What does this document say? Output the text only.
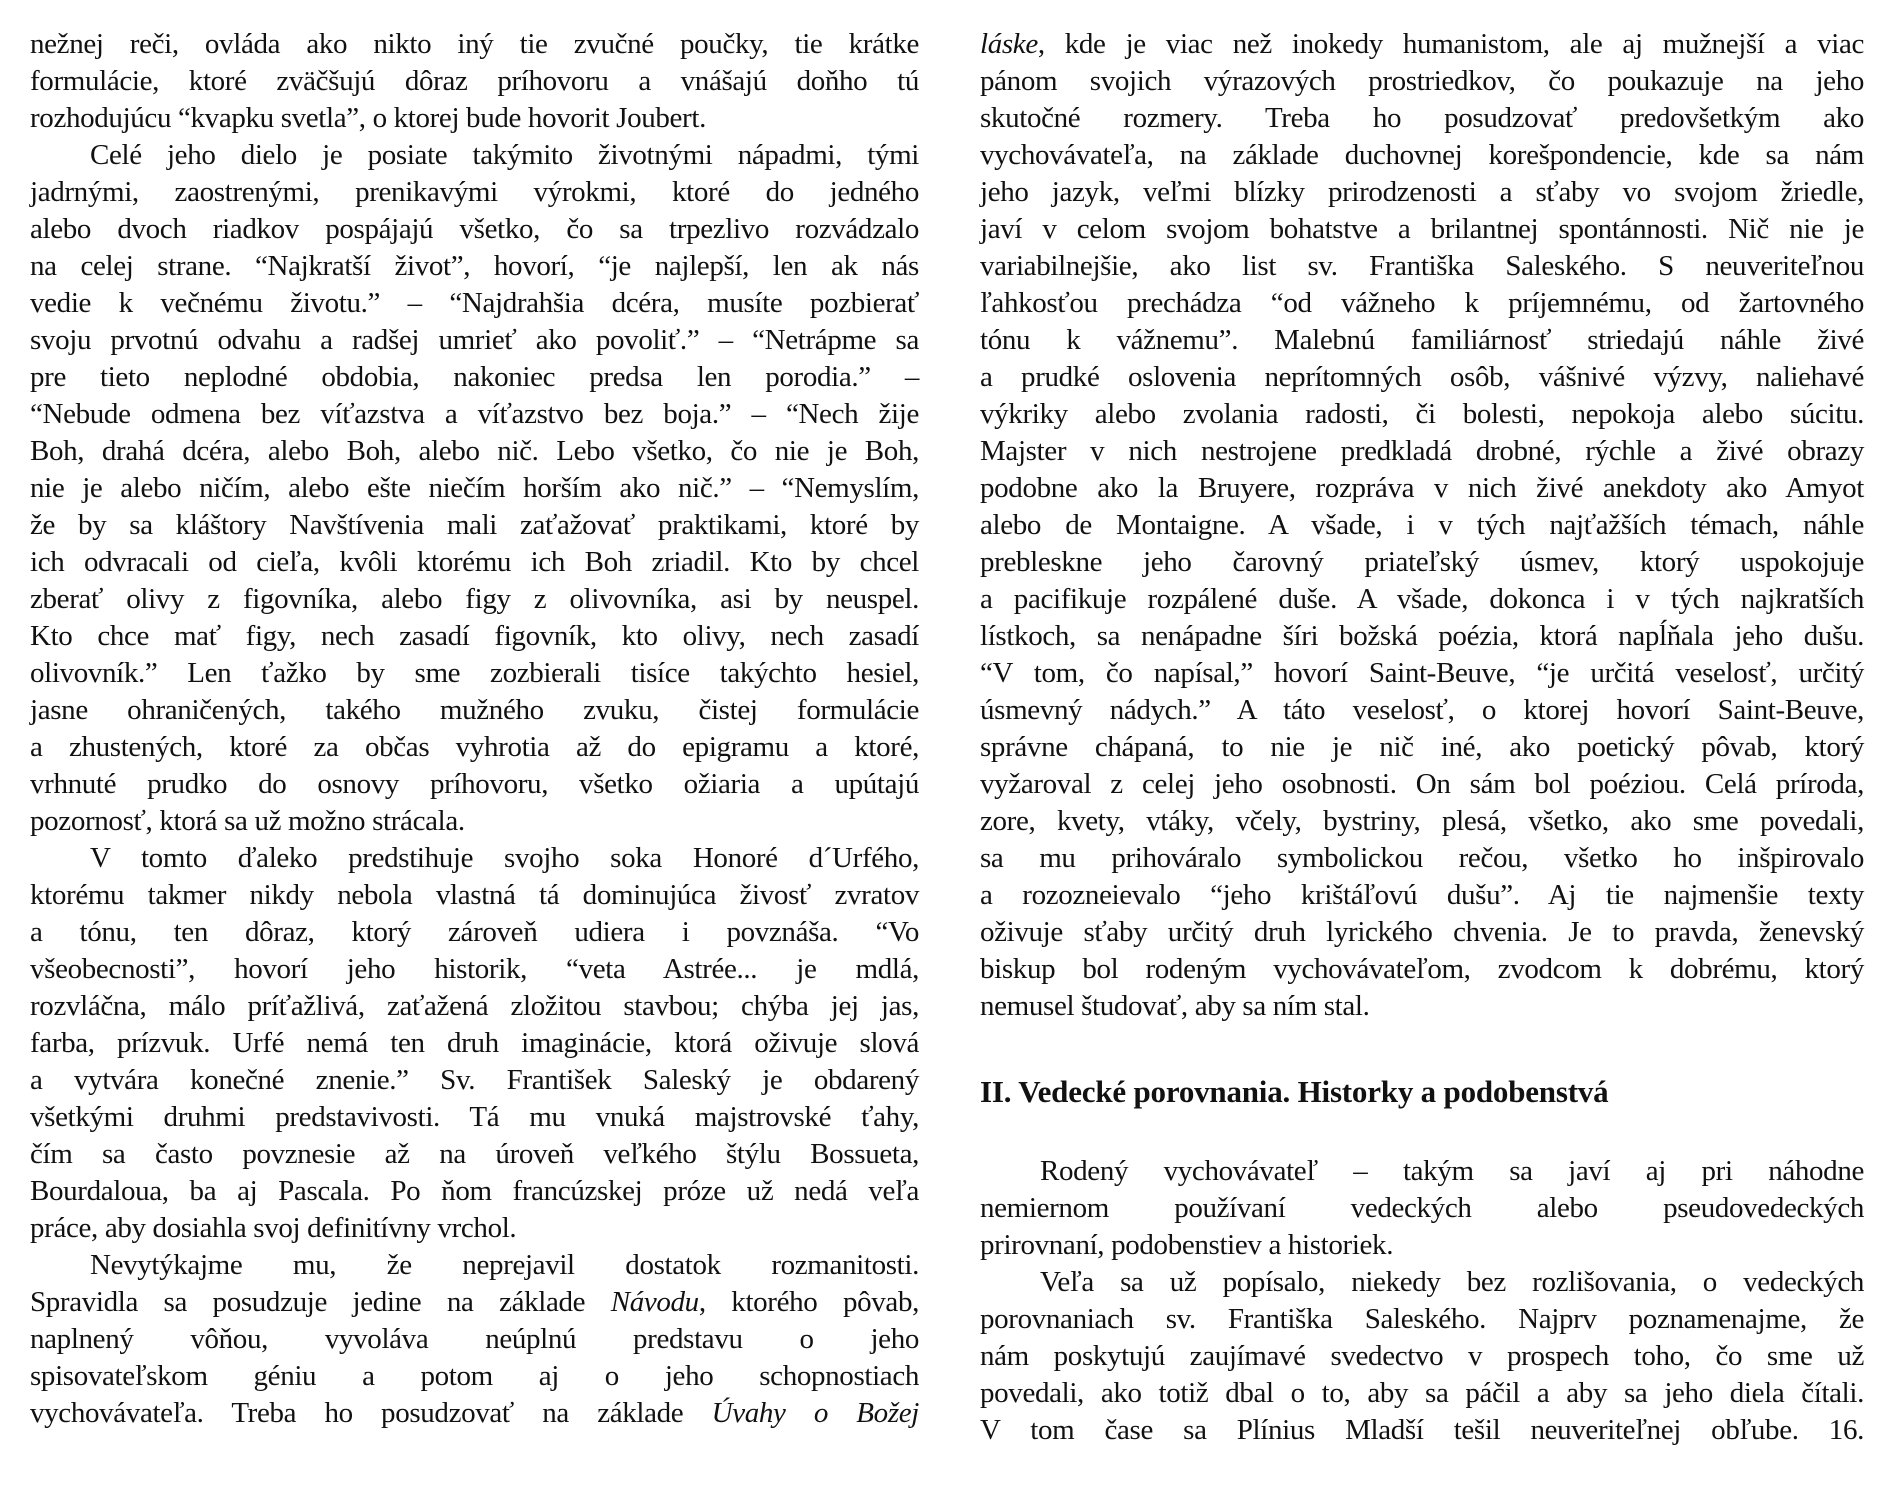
nežnej reči, ovláda ako nikto iný tie zvučné poučky, tie krátke
formulácie, ktoré zväčšujú dôraz príhovoru a vnášajú doňho tú
rozhodujúcu “kvapku svetla”, o ktorej bude hovorit Joubert.
Celé jeho dielo je posiate takýmito životnými nápadmi, tými
jadrnými, zaostrenými, prenikavými výrokmi, ktoré do jedného
alebo dvoch riadkov pospájajú všetko, čo sa trpezlivo rozvádzalo
na celej strane. “Najkratší život”, hovorí, “je najlepší, len ak nás
vedie k večnému životu.” – “Najdrahšia dcéra, musíte pozbierať
svoju prvotnú odvahu a radšej umrieť ako povoliť.” – “Netrápme sa
pre tieto neplodné obdobia, nakoniec predsa len porodia.” –
“Nebude odmena bez víťazstva a víťazstvo bez boja.” – “Nech žije
Boh, drahá dcéra, alebo Boh, alebo nič. Lebo všetko, čo nie je Boh,
nie je alebo ničím, alebo ešte niečím horším ako nič.” – “Nemyslím,
že by sa kláštory Navštívenia mali zaťažovať praktikami, ktoré by
ich odvracali od cieľa, kvôli ktorému ich Boh zriadil. Kto by chcel
zberať olivy z figovníka, alebo figy z olivovníka, asi by neuspel.
Kto chce mať figy, nech zasadí figovník, kto olivy, nech zasadí
olivovník.” Len ťažko by sme zozbierali tisíce takýchto hesiel,
jasne ohraničených, takého mužného zvuku, čistej formulácie
a zhustených, ktoré za občas vyhrotia až do epigramu a ktoré,
vrhnuté prudko do osnovy príhovoru, všetko ožiaria a upútajú
pozornosť, ktorá sa už možno strácala.
V tomto ďaleko predstihuje svojho soka Honoré d´Urfého,
ktorému takmer nikdy nebola vlastná tá dominujúca živosť zvratov
a tónu, ten dôraz, ktorý zároveň udiera i povznáša. “Vo
všeobecnosti”, hovorí jeho historik, “veta Astrée... je mdlá,
rozvláčna, málo príťažlivá, zaťažená zložitou stavbou; chýba jej jas,
farba, prízvuk. Urfé nemá ten druh imaginácie, ktorá oživuje slová
a vytvára konečné znenie.” Sv. František Saleský je obdarený
všetkými druhmi predstavivosti. Tá mu vnuká majstrovské ťahy,
čím sa často povznesie až na úroveň veľkého štýlu Bossueta,
Bourdaloua, ba aj Pascala. Po ňom francúzskej próze už nedá veľa
práce, aby dosiahla svoj definitívny vrchol.
Nevytýkajme mu, že neprejavil dostatok rozmanitosti.
Spravidla sa posudzuje jedine na základe Návodu, ktorého pôvab,
naplnený vôňou, vyvoláva neúplnú predstavu o jeho
spisovateľskom géniu a potom aj o jeho schopnostiach
vychovávateľa. Treba ho posudzovať na základe Úvahy o Božej
láske, kde je viac než inokedy humanistom, ale aj mužnejší a viac
pánom svojich výrazových prostriedkov, čo poukazuje na jeho
skutočné rozmery. Treba ho posudzovať predovšetkým ako
vychovávateľa, na základe duchovnej korešpondencie, kde sa nám
jeho jazyk, veľmi blízky prirodzenosti a sťaby vo svojom žriedle,
javí v celom svojom bohatstve a brilantnej spontánnosti. Nič nie je
variabilnejšie, ako list sv. Františka Saleského. S neuveriteľnou
ľahkosťou prechádza “od vážneho k príjemnému, od žartovného
tónu k vážnemu”. Malebnú familiárnosť striedajú náhle živé
a prudké oslovenia neprítomných osôb, vášnivé výzvy, naliehavé
výkriky alebo zvolania radosti, či bolesti, nepokoja alebo súcitu.
Majster v nich nestrojene predkladá drobné, rýchle a živé obrazy
podobne ako la Bruyere, rozpráva v nich živé anekdoty ako Amyot
alebo de Montaigne. A všade, i v tých najťažších témach, náhle
prebleskne jeho čarovný priateľský úsmev, ktorý uspokojuje
a pacifikuje rozpálené duše. A všade, dokonca i v tých najkratších
lístkoch, sa nenápadne šíri božská poézia, ktorá napĺňala jeho dušu.
“V tom, čo napísal,” hovorí Saint-Beuve, “je určitá veselosť, určitý
úsmevný nádych.” A táto veselosť, o ktorej hovorí Saint-Beuve,
správne chápaná, to nie je nič iné, ako poetický pôvab, ktorý
vyžaroval z celej jeho osobnosti. On sám bol poéziou. Celá príroda,
zore, kvety, vtáky, včely, bystriny, plesá, všetko, ako sme povedali,
sa mu prihováralo symbolickou rečou, všetko ho inšpirovalo
a rozozneievalo “jeho krištáľovú dušu”. Aj tie najmenšie texty
oživuje sťaby určitý druh lyrického chvenia. Je to pravda, ženevský
biskup bol rodeným vychovávateľom, zvodcom k dobrému, ktorý
nemusel študovať, aby sa ním stal.
II. Vedecké porovnania. Historky a podobenstvá
Rodený vychovávateľ – takým sa javí aj pri náhodne
nemiernom používaní vedeckých alebo pseudovedeckých
prirovnaní, podobenstiev a historiek.
Veľa sa už popísalo, niekedy bez rozlišovania, o vedeckých
porovnaniach sv. Františka Saleského. Najprv poznamenajme, že
nám poskytujú zaujímavé svedectvo v prospech toho, čo sme už
povedali, ako totiž dbal o to, aby sa páčil a aby sa jeho diela čítali.
V tom čase sa Plínius Mladší tešil neuveriteľnej obľube. 16.
